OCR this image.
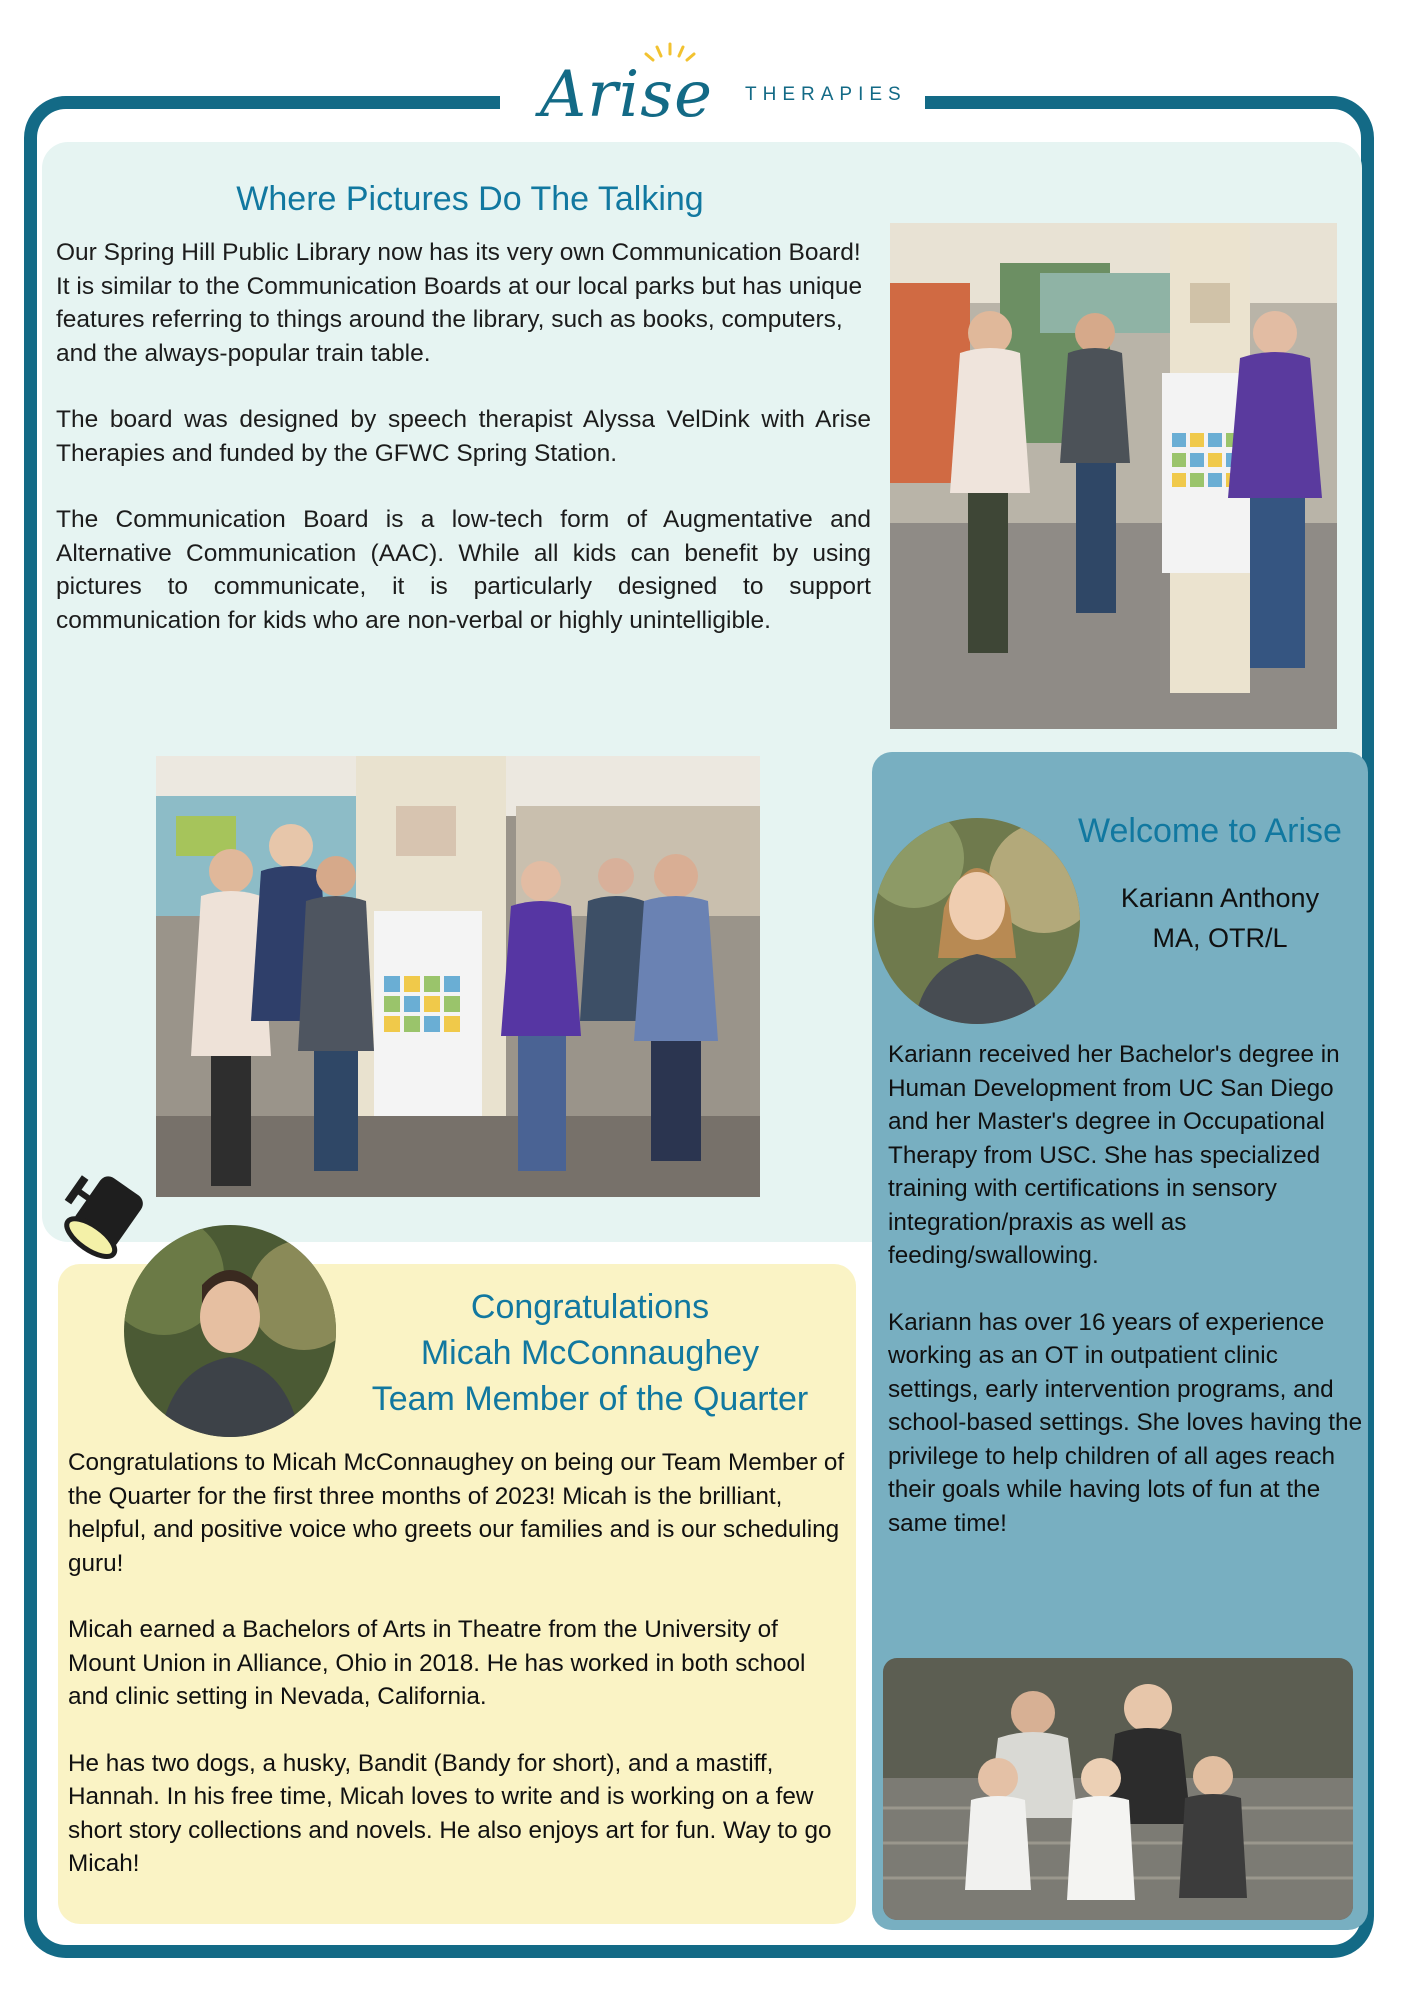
Arise THERAPIES
Where Pictures Do The Talking

Our Spring Hill Public Library now has its very own Communication Board! It is similar to the Communication Boards at our local parks but has unique features referring to things around the library, such as books, computers, and the always-popular train table.

The board was designed by speech therapist Alyssa VelDink with Arise Therapies and funded by the GFWC Spring Station.

The Communication Board is a low-tech form of Augmentative and Alternative Communication (AAC). While all kids can benefit by using pictures to communicate, it is particularly designed to support communication for kids who are non-verbal or highly unintelligible.

Welcome to Arise
Kariann Anthony
MA, OTR/L

Kariann received her Bachelor's degree in Human Development from UC San Diego and her Master's degree in Occupational Therapy from USC. She has specialized training with certifications in sensory integration/praxis as well as feeding/swallowing.

Kariann has over 16 years of experience working as an OT in outpatient clinic settings, early intervention programs, and school-based settings. She loves having the privilege to help children of all ages reach their goals while having lots of fun at the same time!

Congratulations
Micah McConnaughey
Team Member of the Quarter

Congratulations to Micah McConnaughey on being our Team Member of the Quarter for the first three months of 2023! Micah is the brilliant, helpful, and positive voice who greets our families and is our scheduling guru!

Micah earned a Bachelors of Arts in Theatre from the University of Mount Union in Alliance, Ohio in 2018. He has worked in both school and clinic setting in Nevada, California.

He has two dogs, a husky, Bandit (Bandy for short), and a mastiff, Hannah. In his free time, Micah loves to write and is working on a few short story collections and novels. He also enjoys art for fun. Way to go Micah!
